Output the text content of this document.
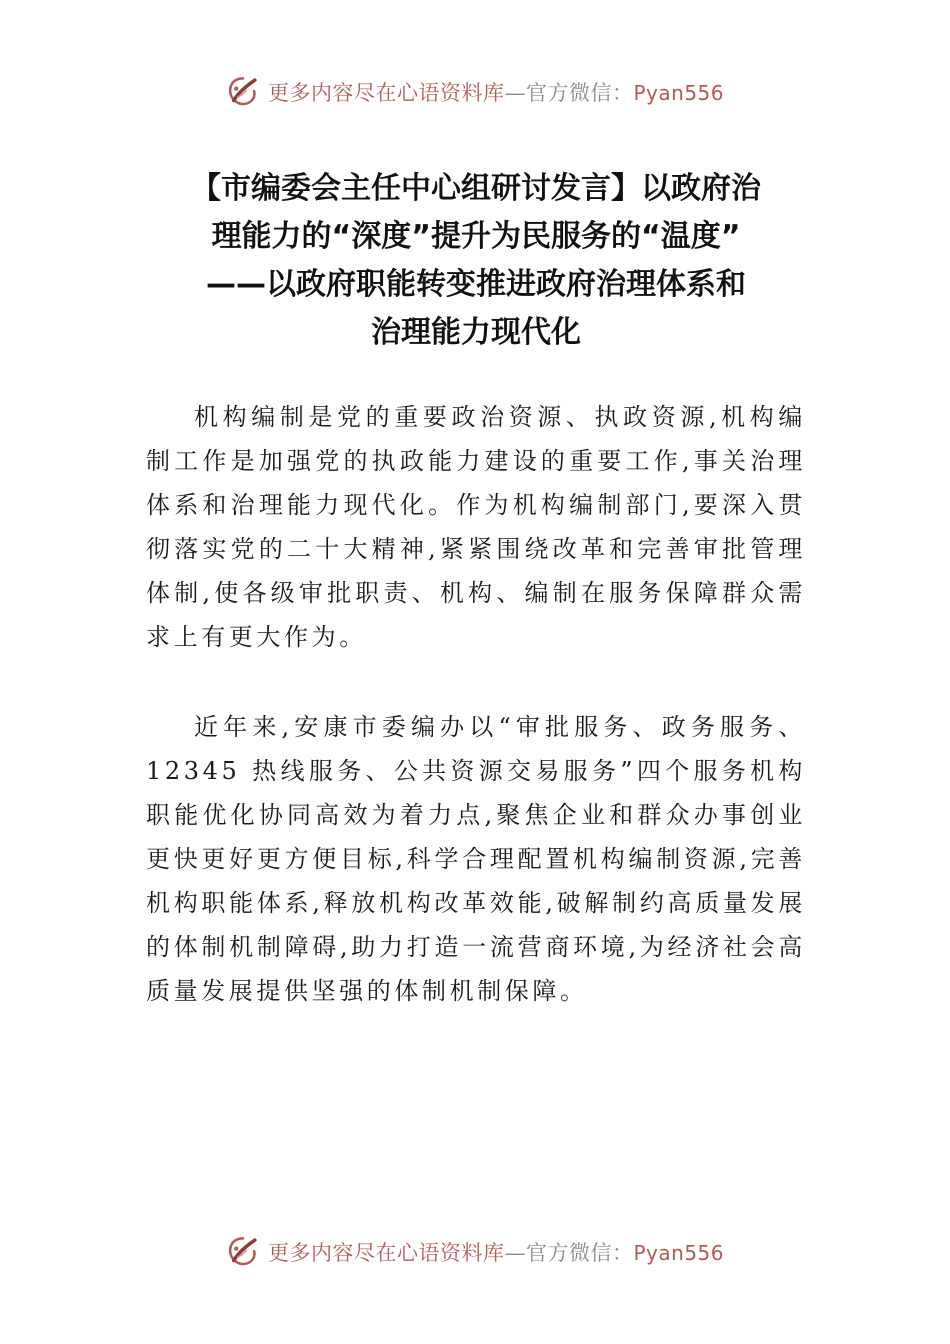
更多内容尽在心语资料库—官方微信：Pyan556
【市编委会主任中心组研讨发言】以政府治
理能力的“深度”提升为民服务的“温度”
——以政府职能转变推进政府治理体系和
治理能力现代化

机构编制是党的重要政治资源、执政资源,机构编制工作是加强党的执政能力建设的重要工作,事关治理体系和治理能力现代化。作为机构编制部门,要深入贯彻落实党的二十大精神,紧紧围绕改革和完善审批管理体制,使各级审批职责、机构、编制在服务保障群众需求上有更大作为。

近年来,安康市委编办以“审批服务、政务服务、12345 热线服务、公共资源交易服务”四个服务机构职能优化协同高效为着力点,聚焦企业和群众办事创业更快更好更方便目标,科学合理配置机构编制资源,完善机构职能体系,释放机构改革效能,破解制约高质量发展的体制机制障碍,助力打造一流营商环境,为经济社会高质量发展提供坚强的体制机制保障。

更多内容尽在心语资料库—官方微信：Pyan556
